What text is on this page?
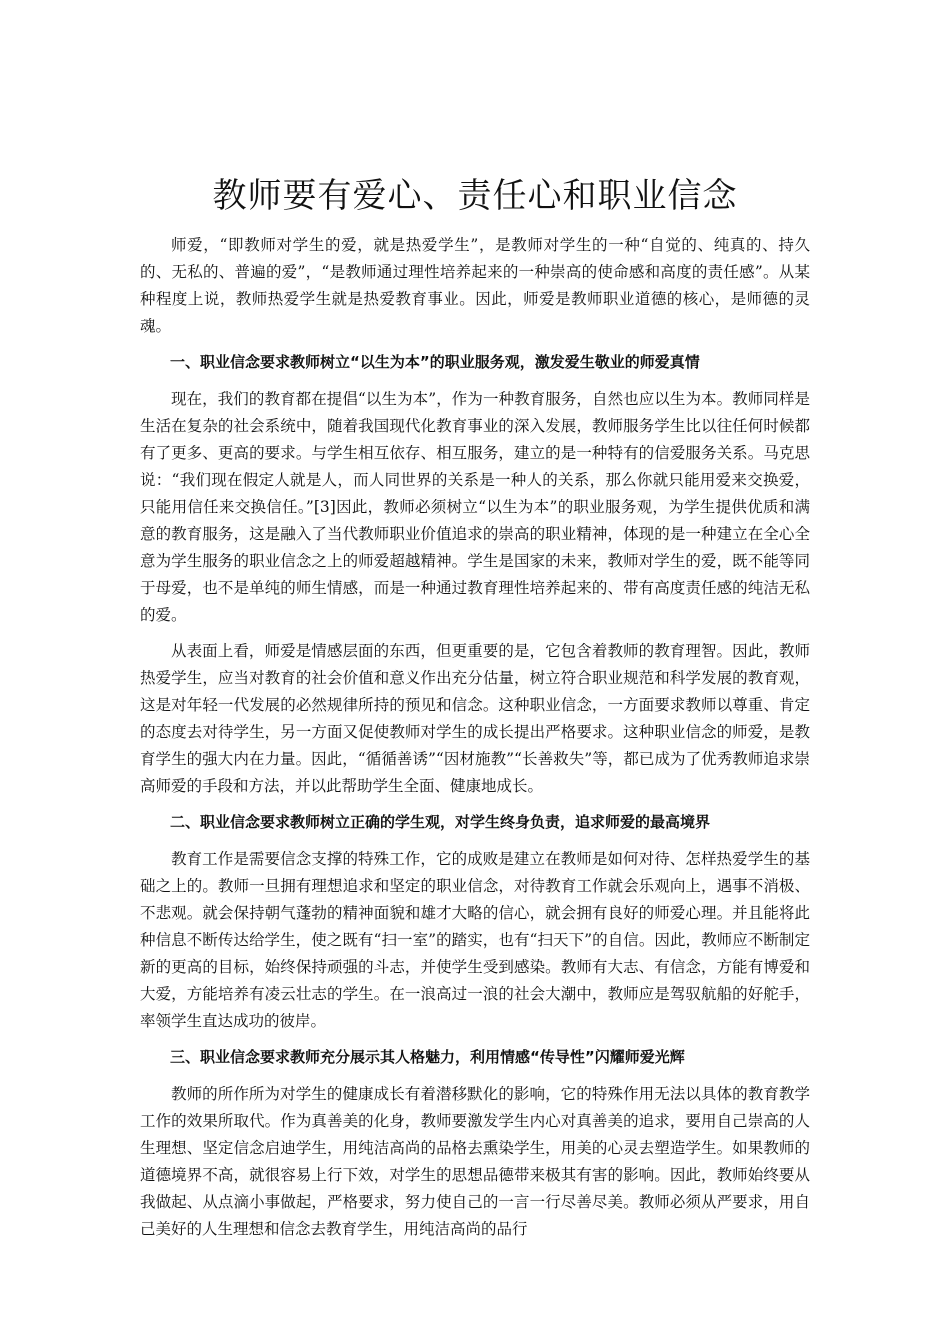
教师要有爱心、责任心和职业信念

师爱，“即教师对学生的爱，就是热爱学生”，是教师对学生的一种“自觉的、纯真的、持久的、无私的、普遍的爱”，“是教师通过理性培养起来的一种崇高的使命感和高度的责任感”。从某种程度上说，教师热爱学生就是热爱教育事业。因此，师爱是教师职业道德的核心，是师德的灵魂。

一、职业信念要求教师树立“以生为本”的职业服务观，激发爱生敬业的师爱真情

现在，我们的教育都在提倡“以生为本”，作为一种教育服务，自然也应以生为本。教师同样是生活在复杂的社会系统中，随着我国现代化教育事业的深入发展，教师服务学生比以往任何时候都有了更多、更高的要求。与学生相互依存、相互服务，建立的是一种特有的信爱服务关系。马克思说：“我们现在假定人就是人，而人同世界的关系是一种人的关系，那么你就只能用爱来交换爱，只能用信任来交换信任。”[3]因此，教师必须树立“以生为本”的职业服务观，为学生提供优质和满意的教育服务，这是融入了当代教师职业价值追求的崇高的职业精神，体现的是一种建立在全心全意为学生服务的职业信念之上的师爱超越精神。学生是国家的未来，教师对学生的爱，既不能等同于母爱，也不是单纯的师生情感，而是一种通过教育理性培养起来的、带有高度责任感的纯洁无私的爱。

从表面上看，师爱是情感层面的东西，但更重要的是，它包含着教师的教育理智。因此，教师热爱学生，应当对教育的社会价值和意义作出充分估量，树立符合职业规范和科学发展的教育观，这是对年轻一代发展的必然规律所持的预见和信念。这种职业信念，一方面要求教师以尊重、肯定的态度去对待学生，另一方面又促使教师对学生的成长提出严格要求。这种职业信念的师爱，是教育学生的强大内在力量。因此，“循循善诱”“因材施教”“长善救失”等，都已成为了优秀教师追求崇高师爱的手段和方法，并以此帮助学生全面、健康地成长。

二、职业信念要求教师树立正确的学生观，对学生终身负责，追求师爱的最高境界

教育工作是需要信念支撑的特殊工作，它的成败是建立在教师是如何对待、怎样热爱学生的基础之上的。教师一旦拥有理想追求和坚定的职业信念，对待教育工作就会乐观向上，遇事不消极、不悲观。就会保持朝气蓬勃的精神面貌和雄才大略的信心，就会拥有良好的师爱心理。并且能将此种信息不断传达给学生，使之既有“扫一室”的踏实，也有“扫天下”的自信。因此，教师应不断制定新的更高的目标，始终保持顽强的斗志，并使学生受到感染。教师有大志、有信念，方能有博爱和大爱，方能培养有凌云壮志的学生。在一浪高过一浪的社会大潮中，教师应是驾驭航船的好舵手，率领学生直达成功的彼岸。

三、职业信念要求教师充分展示其人格魅力，利用情感“传导性”闪耀师爱光辉

教师的所作所为对学生的健康成长有着潜移默化的影响，它的特殊作用无法以具体的教育教学工作的效果所取代。作为真善美的化身，教师要激发学生内心对真善美的追求，要用自己崇高的人生理想、坚定信念启迪学生，用纯洁高尚的品格去熏染学生，用美的心灵去塑造学生。如果教师的道德境界不高，就很容易上行下效，对学生的思想品德带来极其有害的影响。因此，教师始终要从我做起、从点滴小事做起，严格要求，努力使自己的一言一行尽善尽美。教师必须从严要求，用自己美好的人生理想和信念去教育学生，用纯洁高尚的品行
